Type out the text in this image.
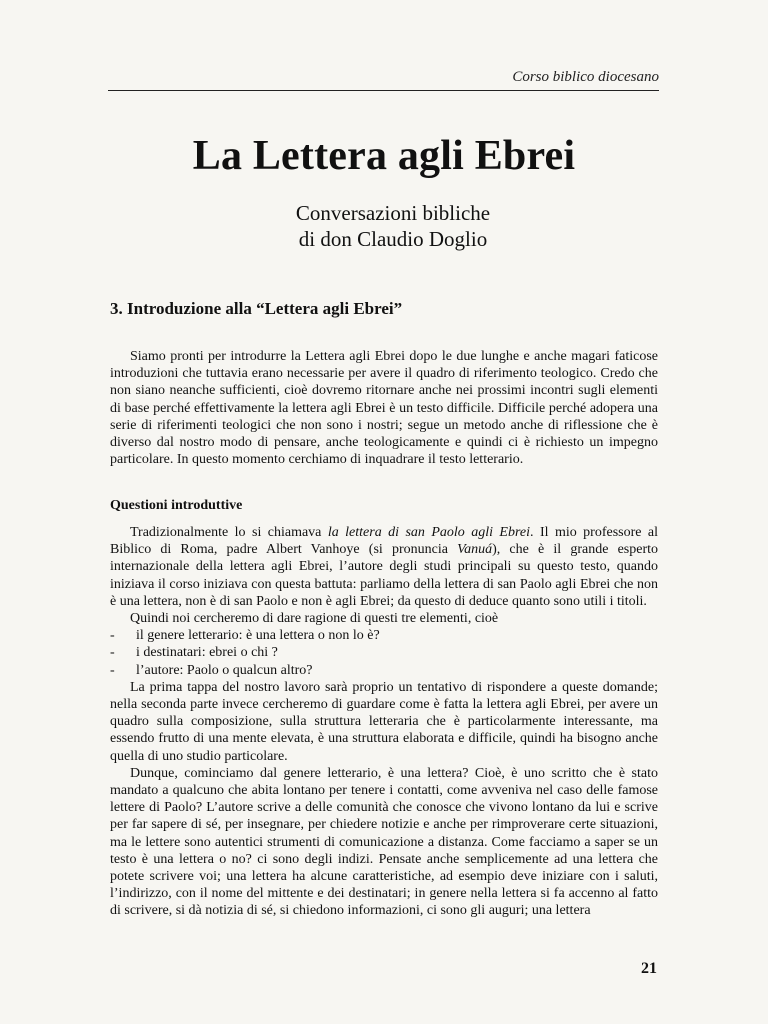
Corso biblico diocesano
La Lettera agli Ebrei
Conversazioni bibliche
di don Claudio Doglio
3. Introduzione alla “Lettera agli Ebrei”

Siamo pronti per introdurre la Lettera agli Ebrei dopo le due lunghe e anche magari faticose introduzioni che tuttavia erano necessarie per avere il quadro di riferimento teologico. Credo che non siano neanche sufficienti, cioè dovremo ritornare anche nei prossimi incontri sugli elementi di base perché effettivamente la lettera agli Ebrei è un testo difficile. Difficile perché adopera una serie di riferimenti teologici che non sono i nostri; segue un metodo anche di riflessione che è diverso dal nostro modo di pensare, anche teologicamente e quindi ci è richiesto un impegno particolare. In questo momento cerchiamo di inquadrare il testo letterario.

Questioni introduttive

Tradizionalmente lo si chiamava la lettera di san Paolo agli Ebrei. Il mio professore al Biblico di Roma, padre Albert Vanhoye (si pronuncia Vanuá), che è il grande esperto internazionale della lettera agli Ebrei, l’autore degli studi principali su questo testo, quando iniziava il corso iniziava con questa battuta: parliamo della lettera di san Paolo agli Ebrei che non è una lettera, non è di san Paolo e non è agli Ebrei; da questo di deduce quanto sono utili i titoli.

Quindi noi cercheremo di dare ragione di questi tre elementi, cioè

- il genere letterario: è una lettera o non lo è?
- i destinatari: ebrei o chi ?
- l’autore: Paolo o qualcun altro?

La prima tappa del nostro lavoro sarà proprio un tentativo di rispondere a queste domande; nella seconda parte invece cercheremo di guardare come è fatta la lettera agli Ebrei, per avere un quadro sulla composizione, sulla struttura letteraria che è particolarmente interessante, ma essendo frutto di una mente elevata, è una struttura elaborata e difficile, quindi ha bisogno anche quella di uno studio particolare.

Dunque, cominciamo dal genere letterario, è una lettera? Cioè, è uno scritto che è stato mandato a qualcuno che abita lontano per tenere i contatti, come avveniva nel caso delle famose lettere di Paolo? L’autore scrive a delle comunità che conosce che vivono lontano da lui e scrive per far sapere di sé, per insegnare, per chiedere notizie e anche per rimproverare certe situazioni, ma le lettere sono autentici strumenti di comunicazione a distanza. Come facciamo a saper se un testo è una lettera o no? ci sono degli indizi. Pensate anche semplicemente ad una lettera che potete scrivere voi; una lettera ha alcune caratteristiche, ad esempio deve iniziare con i saluti, l’indirizzo, con il nome del mittente e dei destinatari; in genere nella lettera si fa accenno al fatto di scrivere, si dà notizia di sé, si chiedono informazioni, ci sono gli auguri; una lettera

21
